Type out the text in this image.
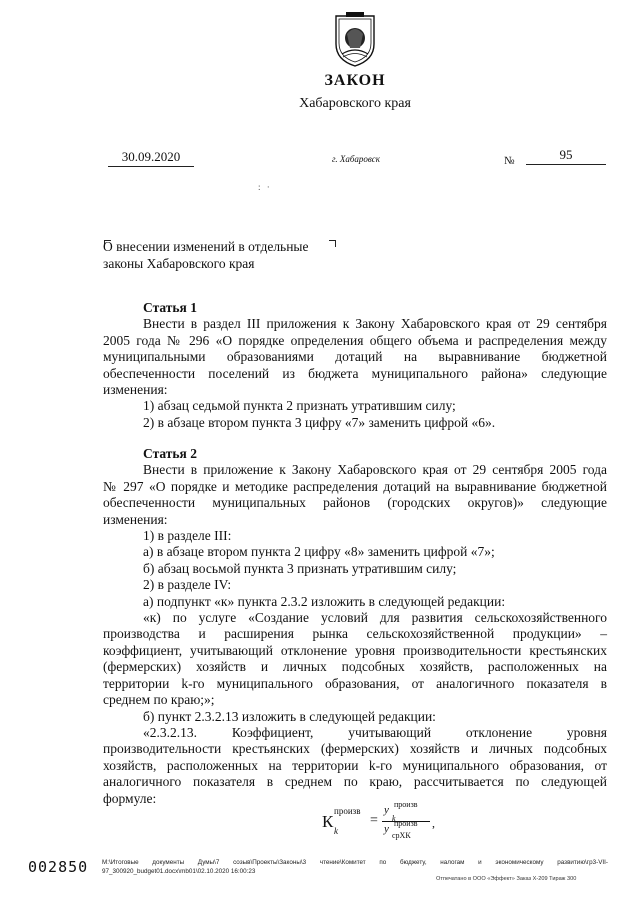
ЗАКОН
Хабаровского края
30.09.2020	г. Хабаровск	№	95
: ·
О внесении изменений в отдельные
законы Хабаровского края

Статья 1

Внести в раздел III приложения к Закону Хабаровского края от 29 сентября

2005 года № 296 «О порядке определения общего объема и распределения между

муниципальными образованиями дотаций на выравнивание бюджетной

обеспеченности поселений из бюджета муниципального района» следующие

изменения:

1) абзац седьмой пункта 2 признать утратившим силу;

2) в абзаце втором пункта 3 цифру «7» заменить цифрой «6».

Статья 2

Внести в приложение к Закону Хабаровского края от 29 сентября 2005 года

№ 297 «О порядке и методике распределения дотаций на выравнивание бюджетной

обеспеченности муниципальных районов (городских округов)» следующие

изменения:

1) в разделе III:

а) в абзаце втором пункта 2 цифру «8» заменить цифрой «7»;

б) абзац восьмой пункта 3 признать утратившим силу;

2) в разделе IV:

а) подпункт «к» пункта 2.3.2 изложить в следующей редакции:

«к) по услуге «Создание условий для развития сельскохозяйственного

производства и расширения рынка сельскохозяйственной продукции» –

коэффициент, учитывающий отклонение уровня производительности крестьянских

(фермерских) хозяйств и личных подсобных хозяйств, расположенных на

территории k-го муниципального образования, от аналогичного показателя в

среднем по краю;»;

б) пункт 2.3.2.13 изложить в следующей редакции:

«2.3.2.13. Коэффициент, учитывающий отклонение уровня

производительности крестьянских (фермерских) хозяйств и личных подсобных

хозяйств, расположенных на территории k-го муниципального образования, от

аналогичного показателя в среднем по краю, рассчитывается по следующей

формуле:

К
произв
k
=
у произв
k
у произв
срХК
,
002850 M:\Итоговые документы Думы\7 созыв\Проекты\Законы\3 чтение\Комитет по бюджету, налогам и экономическому развитию\гр3-VII-
97_300920_budget01.docx\mb01\02.10.2020 16:00:23
Отпечатано в ООО «Эффект» Заказ Х-209 Тираж 300
